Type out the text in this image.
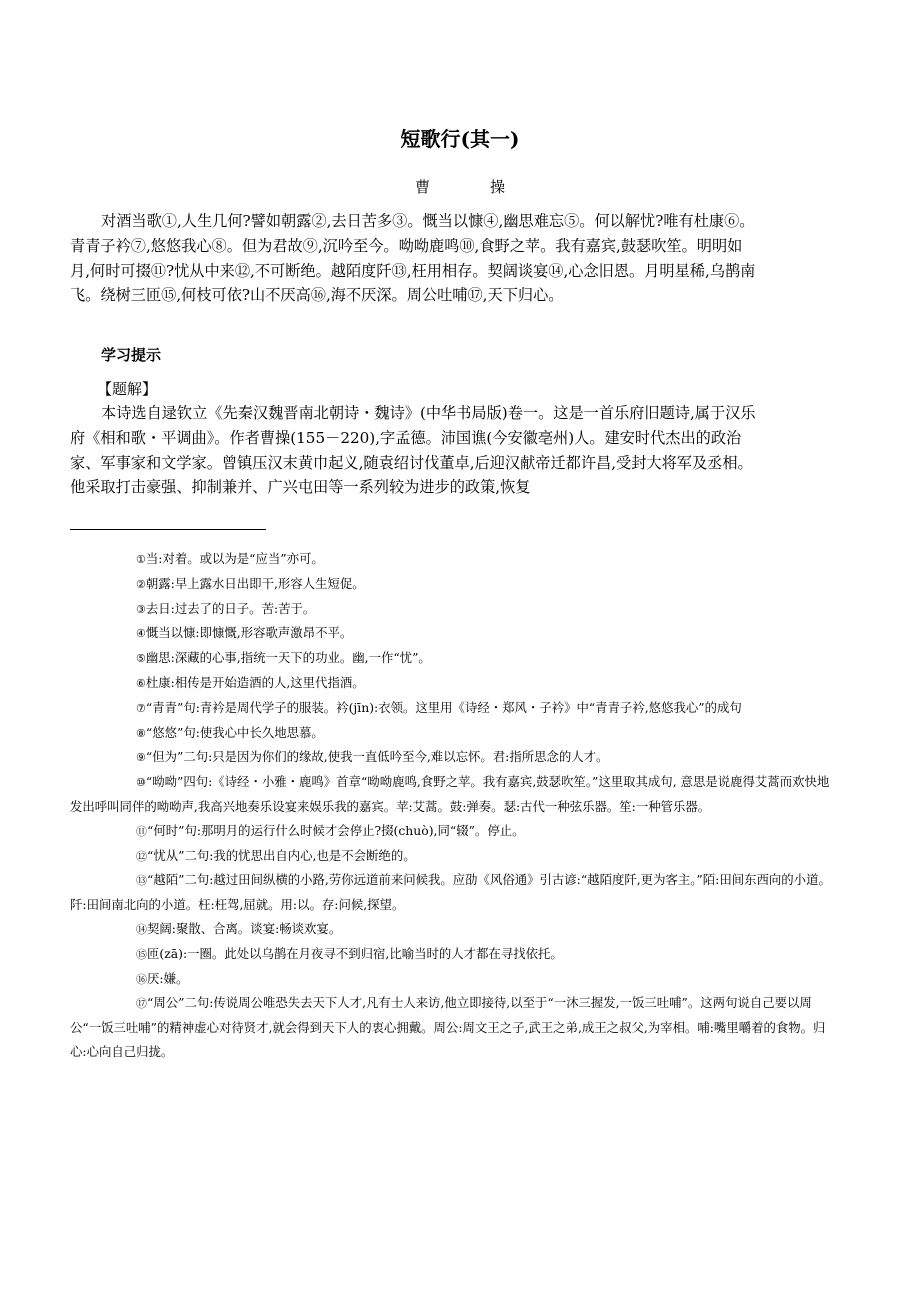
短歌行(其一)
曹	操
对酒当歌①,人生几何?譬如朝露②,去日苦多③。慨当以慷④,幽思难忘⑤。何以解忧?唯有杜康⑥。青青子衿⑦,悠悠我心⑧。但为君故⑨,沉吟至今。呦呦鹿鸣⑩,食野之苹。我有嘉宾,鼓瑟吹笙。明明如月,何时可掇⑪?忧从中来⑫,不可断绝。越陌度阡⑬,枉用相存。契阔谈宴⑭,心念旧恩。月明星稀,乌鹊南飞。绕树三匝⑮,何枝可依?山不厌高⑯,海不厌深。周公吐哺⑰,天下归心。
学习提示
【题解】
本诗选自逯钦立《先秦汉魏晋南北朝诗・魏诗》(中华书局版)卷一。这是一首乐府旧题诗,属于汉乐府《相和歌・平调曲》。作者曹操(155－220),字孟德。沛国谯(今安徽亳州)人。建安时代杰出的政治家、军事家和文学家。曾镇压汉末黄巾起义,随袁绍讨伐董卓,后迎汉献帝迁都许昌,受封大将军及丞相。他采取打击豪强、抑制兼并、广兴屯田等一系列较为进步的政策,恢复
①当:对着。或以为是“应当”亦可。
②朝露:早上露水日出即干,形容人生短促。
③去日:过去了的日子。苦:苦于。
④慨当以慷:即慷慨,形容歌声激昂不平。
⑤幽思:深藏的心事,指统一天下的功业。幽,一作“忧”。
⑥杜康:相传是开始造酒的人,这里代指酒。
⑦“青青”句:青衿是周代学子的服装。衿(jīn):衣领。这里用《诗经・郑风・子衿》中“青青子衿,悠悠我心”的成句
⑧“悠悠”句:使我心中长久地思慕。
⑨“但为”二句:只是因为你们的缘故,使我一直低吟至今,难以忘怀。君:指所思念的人才。
⑩“呦呦”四句:《诗经・小雅・鹿鸣》首章“呦呦鹿鸣,食野之苹。我有嘉宾,鼓瑟吹笙。”这里取其成句, 意思是说鹿得艾蒿而欢快地发出呼叫同伴的呦呦声,我高兴地奏乐设宴来娱乐我的嘉宾。苹:艾蒿。鼓:弹奏。瑟:古代一种弦乐器。笙:一种管乐器。
⑪“何时”句:那明月的运行什么时候才会停止?掇(chuò),同“辍”。停止。
⑫“忧从”二句:我的忧思出自内心,也是不会断绝的。
⑬“越陌”二句:越过田间纵横的小路,劳你远道前来问候我。应劭《风俗通》引古谚:“越陌度阡,更为客主。”陌:田间东西向的小道。阡:田间南北向的小道。枉:枉驾,屈就。用:以。存:问候,探望。
⑭契阔:聚散、合离。谈宴:畅谈欢宴。
⑮匝(zā):一圈。此处以乌鹊在月夜寻不到归宿,比喻当时的人才都在寻找依托。
⑯厌:嫌。
⑰“周公”二句:传说周公唯恐失去天下人才,凡有士人来访,他立即接待,以至于“一沐三握发,一饭三吐哺”。这两句说自己要以周公“一饭三吐哺”的精神虚心对待贤才,就会得到天下人的衷心拥戴。周公:周文王之子,武王之弟,成王之叔父,为宰相。哺:嘴里嚼着的食物。归心:心向自己归拢。
